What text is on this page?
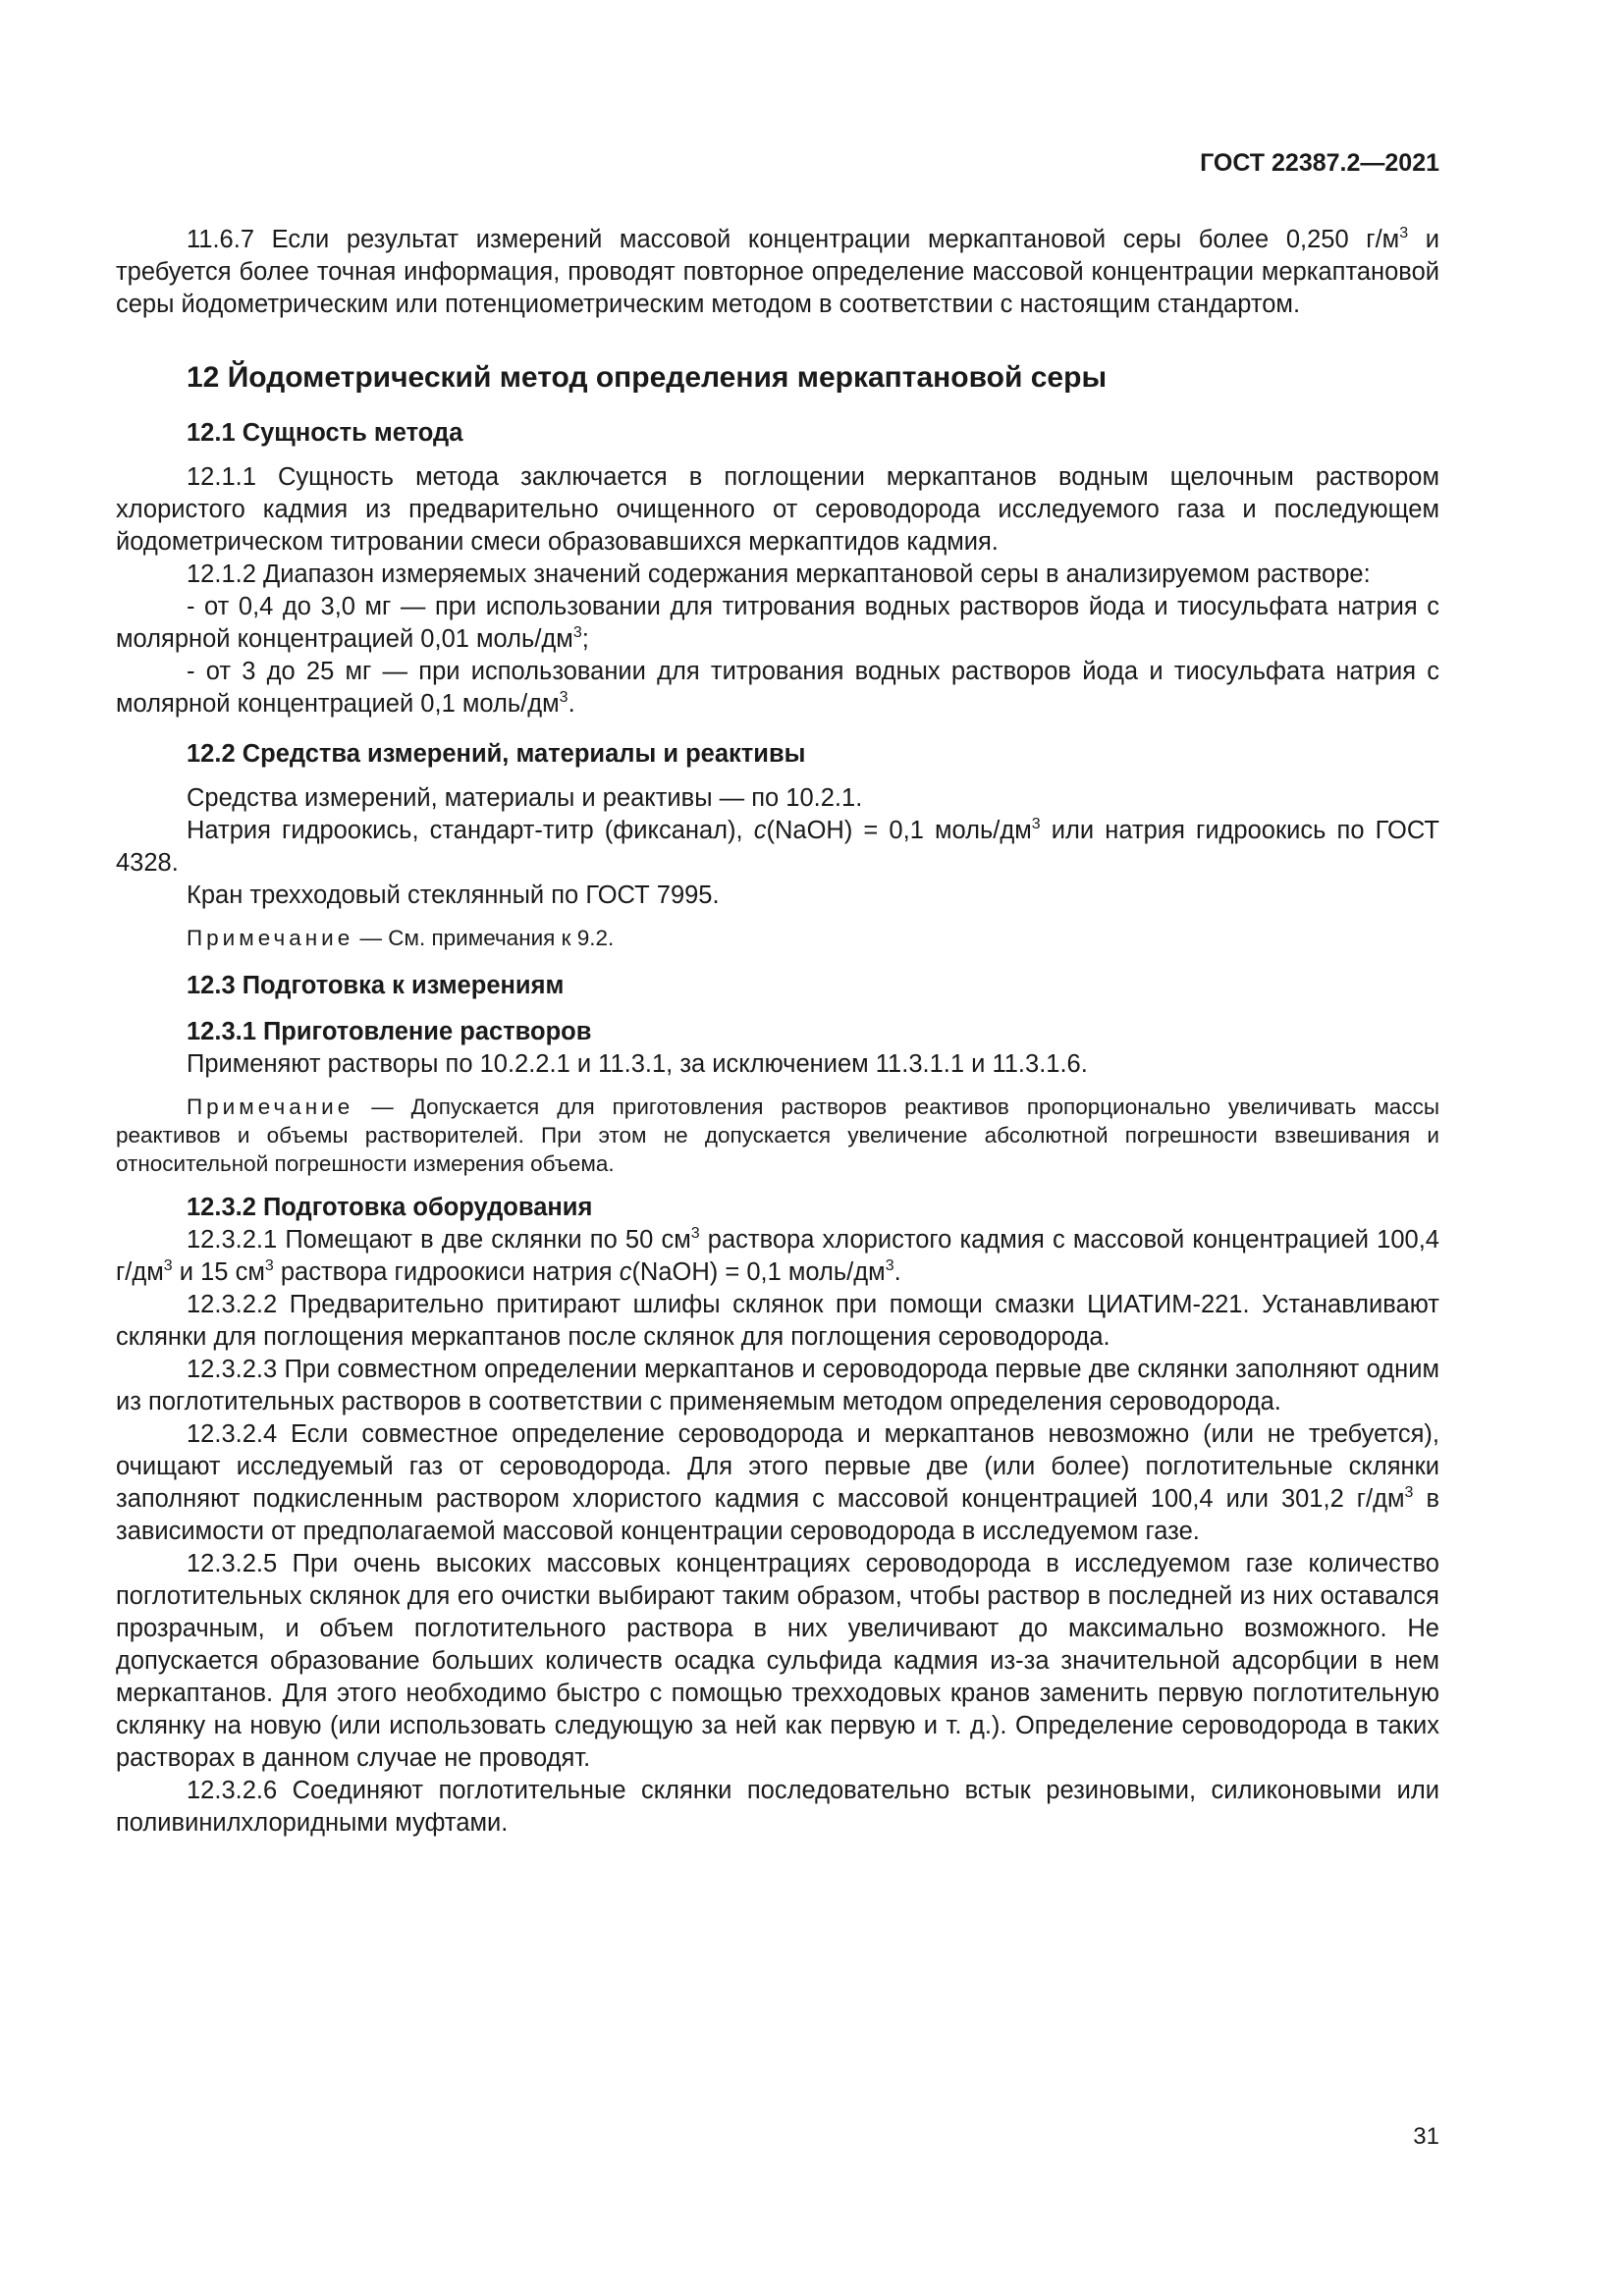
ГОСТ 22387.2—2021

11.6.7 Если результат измерений массовой концентрации меркаптановой серы более 0,250 $г/м^3$ и требуется более точная информация, проводят повторное определение массовой концентрации меркаптановой серы йодометрическим или потенциометрическим методом в соответствии с настоящим стандартом.

12 Йодометрический метод определения меркаптановой серы

12.1 Сущность метода

12.1.1 Сущность метода заключается в поглощении меркаптанов водным щелочным раствором хлористого кадмия из предварительно очищенного от сероводорода исследуемого газа и последующем йодометрическом титровании смеси образовавшихся меркаптидов кадмия.

12.1.2 Диапазон измеряемых значений содержания меркаптановой серы в анализируемом растворе:

- от 0,4 до 3,0 мг — при использовании для титрования водных растворов йода и тиосульфата натрия с молярной концентрацией 0,01 моль/$дм^3$;

- от 3 до 25 мг — при использовании для титрования водных растворов йода и тиосульфата натрия с молярной концентрацией 0,1 моль/$дм^3$.

12.2 Средства измерений, материалы и реактивы

Средства измерений, материалы и реактивы — по 10.2.1.

Натрия гидроокись, стандарт-титр (фиксанал), c(NaOH) = 0,1 моль/$дм^3$ или натрия гидроокись по ГОСТ 4328.

Кран трехходовый стеклянный по ГОСТ 7995.

Примечание — См. примечания к 9.2.

12.3 Подготовка к измерениям

12.3.1 Приготовление растворов

Применяют растворы по 10.2.2.1 и 11.3.1, за исключением 11.3.1.1 и 11.3.1.6.

Примечание — Допускается для приготовления растворов реактивов пропорционально увеличивать массы реактивов и объемы растворителей. При этом не допускается увеличение абсолютной погрешности взвешивания и относительной погрешности измерения объема.

12.3.2 Подготовка оборудования

12.3.2.1 Помещают в две склянки по 50 $см^3$ раствора хлористого кадмия с массовой концентрацией 100,4 $г/дм^3$ и 15 $см^3$ раствора гидроокиси натрия c(NaOH) = 0,1 моль/$дм^3$.

12.3.2.2 Предварительно притирают шлифы склянок при помощи смазки ЦИАТИМ-221. Устанавливают склянки для поглощения меркаптанов после склянок для поглощения сероводорода.

12.3.2.3 При совместном определении меркаптанов и сероводорода первые две склянки заполняют одним из поглотительных растворов в соответствии с применяемым методом определения сероводорода.

12.3.2.4 Если совместное определение сероводорода и меркаптанов невозможно (или не требуется), очищают исследуемый газ от сероводорода. Для этого первые две (или более) поглотительные склянки заполняют подкисленным раствором хлористого кадмия с массовой концентрацией 100,4 или 301,2 $г/дм^3$ в зависимости от предполагаемой массовой концентрации сероводорода в исследуемом газе.

12.3.2.5 При очень высоких массовых концентрациях сероводорода в исследуемом газе количество поглотительных склянок для его очистки выбирают таким образом, чтобы раствор в последней из них оставался прозрачным, и объем поглотительного раствора в них увеличивают до максимально возможного. Не допускается образование больших количеств осадка сульфида кадмия из-за значительной адсорбции в нем меркаптанов. Для этого необходимо быстро с помощью трехходовых кранов заменить первую поглотительную склянку на новую (или использовать следующую за ней как первую и т. д.). Определение сероводорода в таких растворах в данном случае не проводят.

12.3.2.6 Соединяют поглотительные склянки последовательно встык резиновыми, силиконовыми или поливинилхлоридными муфтами.

31
